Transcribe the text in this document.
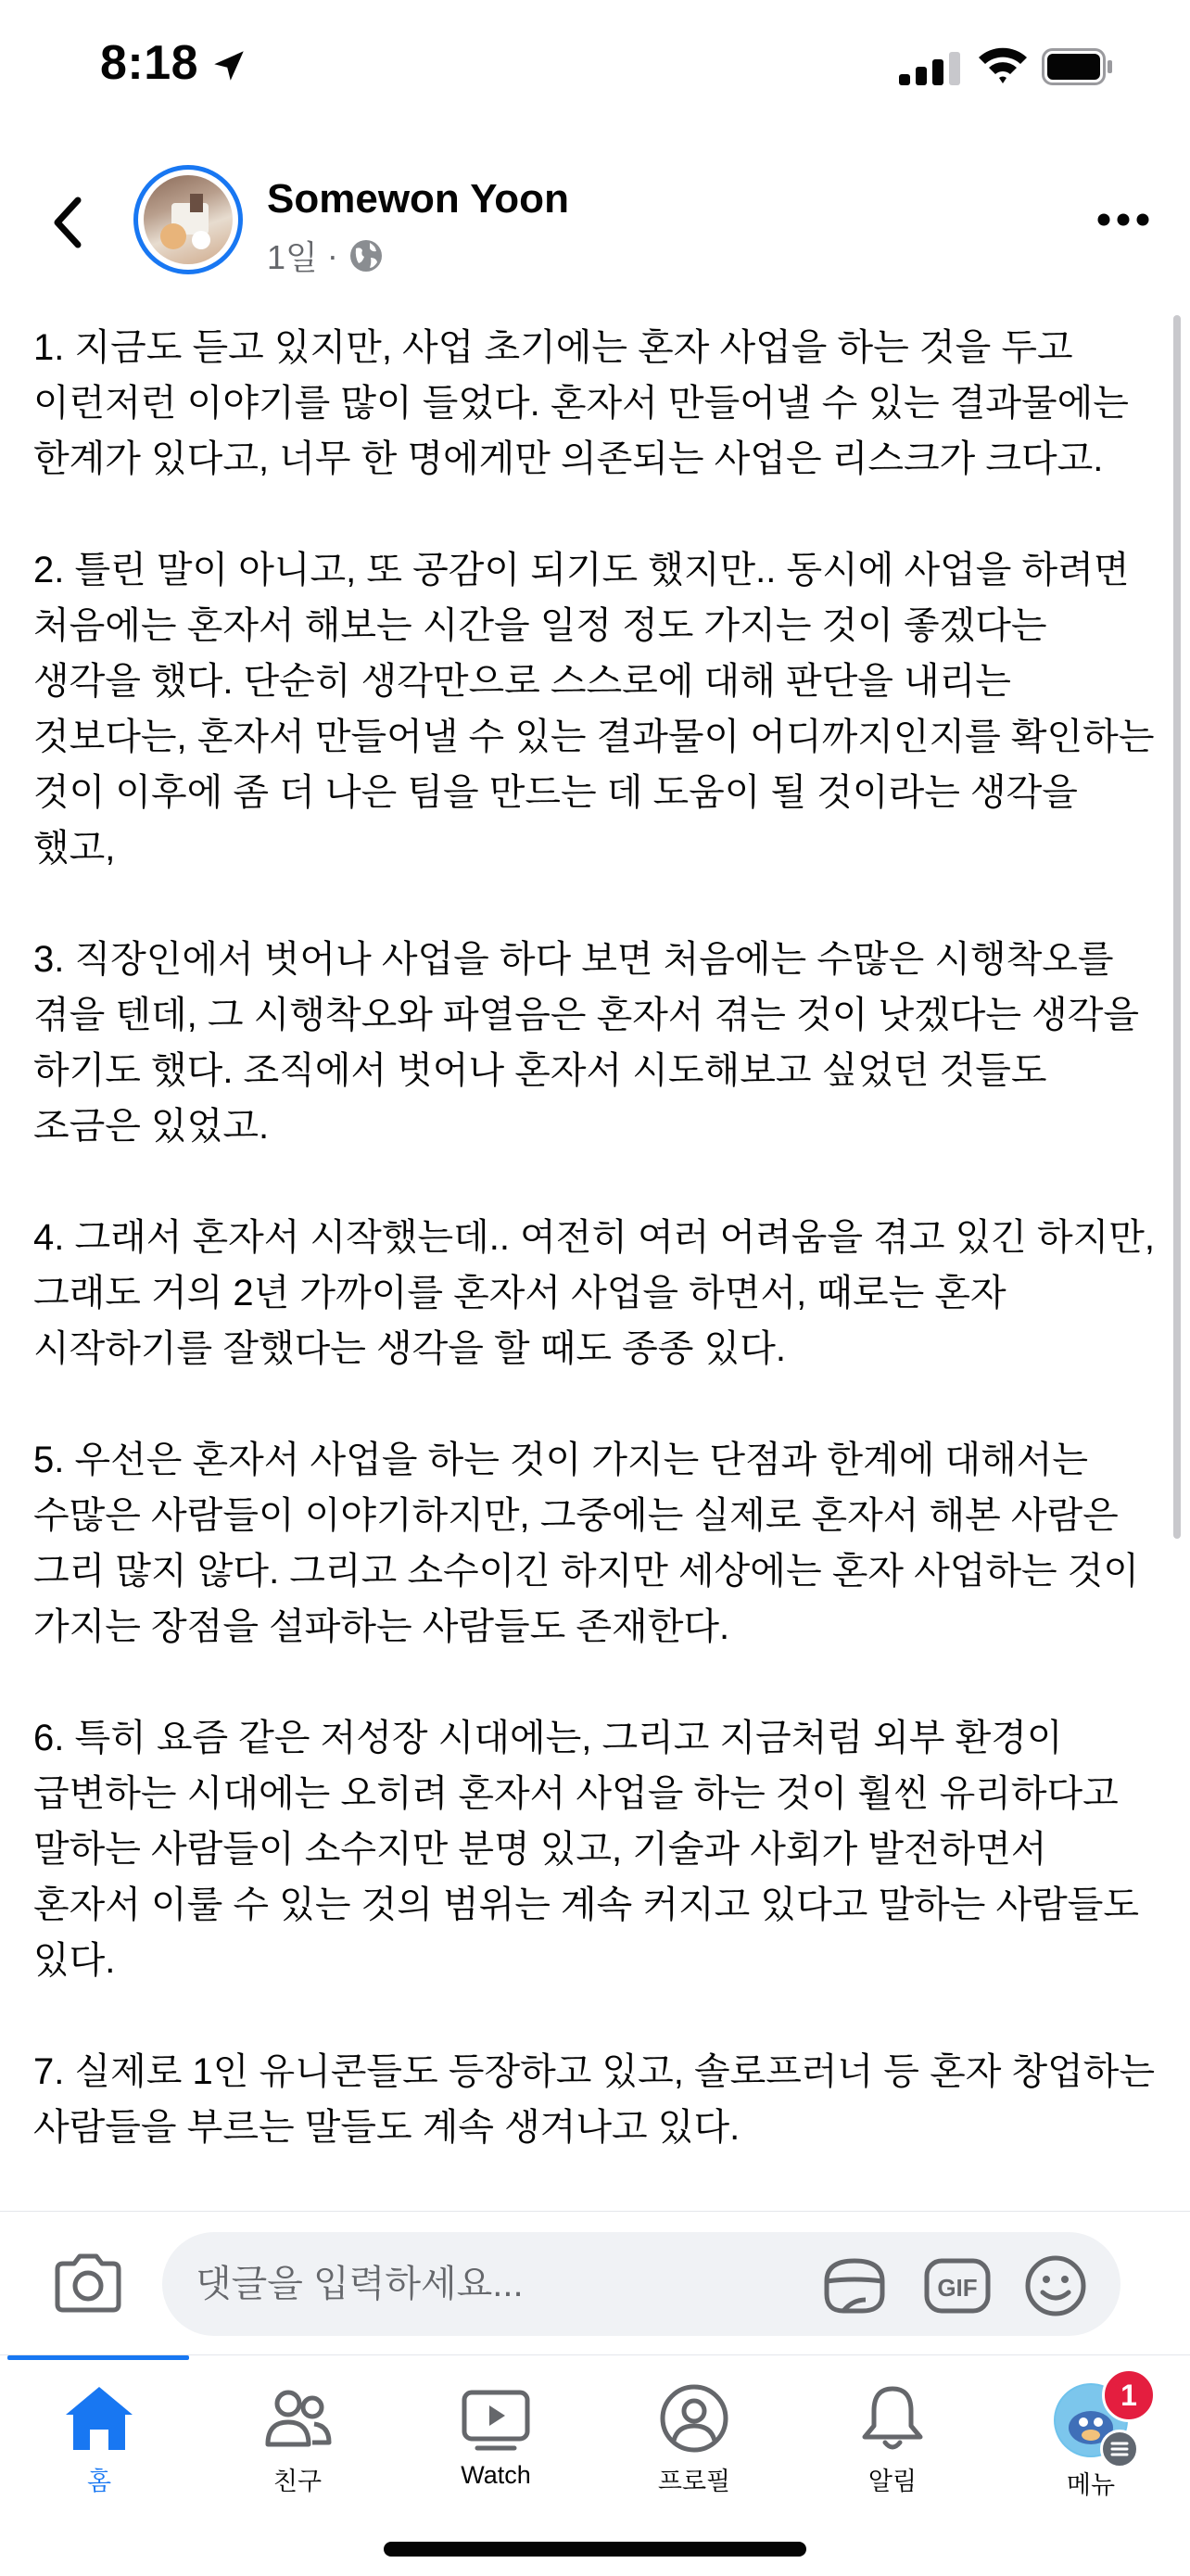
8:18
Somewon Yoon
1일 ·

1. 지금도 듣고 있지만, 사업 초기에는 혼자 사업을 하는 것을 두고 이런저런 이야기를 많이 들었다. 혼자서 만들어낼 수 있는 결과물에는 한계가 있다고, 너무 한 명에게만 의존되는 사업은 리스크가 크다고.

2. 틀린 말이 아니고, 또 공감이 되기도 했지만.. 동시에 사업을 하려면 처음에는 혼자서 해보는 시간을 일정 정도 가지는 것이 좋겠다는 생각을 했다. 단순히 생각만으로 스스로에 대해 판단을 내리는 것보다는, 혼자서 만들어낼 수 있는 결과물이 어디까지인지를 확인하는 것이 이후에 좀 더 나은 팀을 만드는 데 도움이 될 것이라는 생각을 했고,

3. 직장인에서 벗어나 사업을 하다 보면 처음에는 수많은 시행착오를 겪을 텐데, 그 시행착오와 파열음은 혼자서 겪는 것이 낫겠다는 생각을 하기도 했다. 조직에서 벗어나 혼자서 시도해보고 싶었던 것들도 조금은 있었고.

4. 그래서 혼자서 시작했는데.. 여전히 여러 어려움을 겪고 있긴 하지만, 그래도 거의 2년 가까이를 혼자서 사업을 하면서, 때로는 혼자 시작하기를 잘했다는 생각을 할 때도 종종 있다.

5. 우선은 혼자서 사업을 하는 것이 가지는 단점과 한계에 대해서는 수많은 사람들이 이야기하지만, 그중에는 실제로 혼자서 해본 사람은 그리 많지 않다. 그리고 소수이긴 하지만 세상에는 혼자 사업하는 것이 가지는 장점을 설파하는 사람들도 존재한다.

6. 특히 요즘 같은 저성장 시대에는, 그리고 지금처럼 외부 환경이 급변하는 시대에는 오히려 혼자서 사업을 하는 것이 훨씬 유리하다고 말하는 사람들이 소수지만 분명 있고, 기술과 사회가 발전하면서 혼자서 이룰 수 있는 것의 범위는 계속 커지고 있다고 말하는 사람들도 있다.

7. 실제로 1인 유니콘들도 등장하고 있고, 솔로프러너 등 혼자 창업하는 사람들을 부르는 말들도 계속 생겨나고 있다.

댓글을 입력하세요...
GIF
홈	친구	Watch	프로필	알림
1
메뉴
